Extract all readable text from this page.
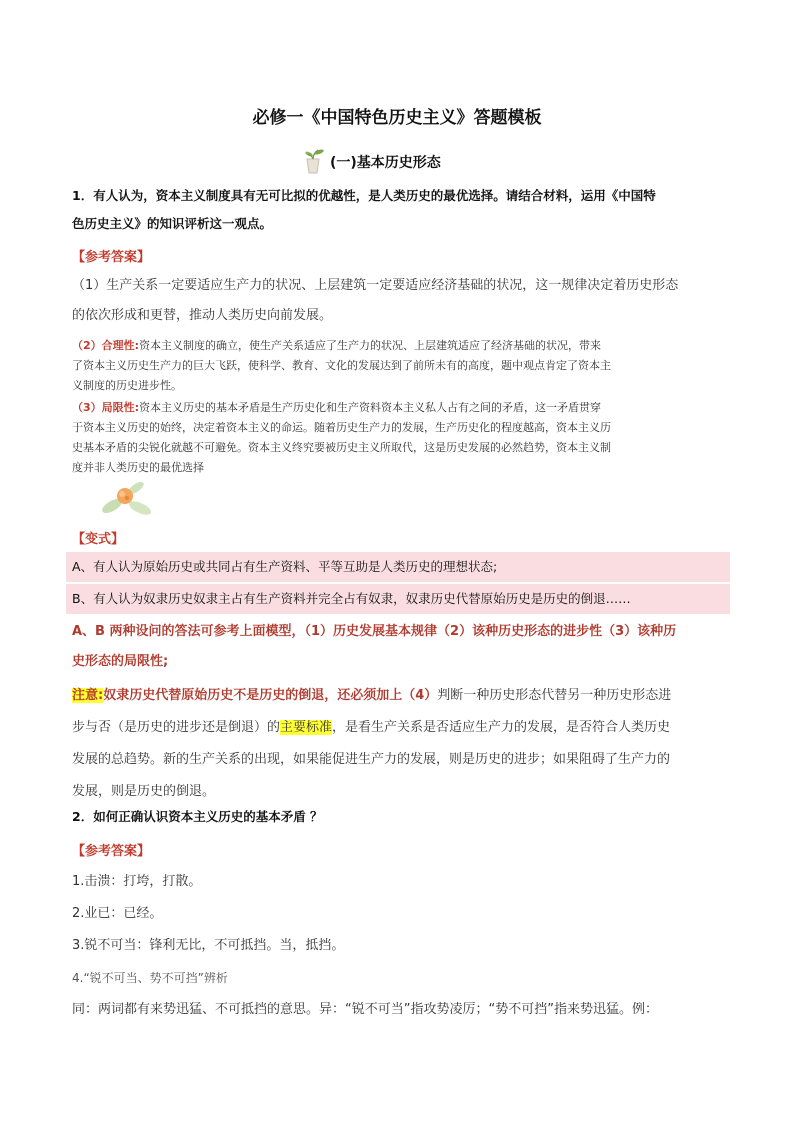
必修一《中国特色历史主义》答题模板
(一)基本历史形态
1．有人认为，资本主义制度具有无可比拟的优越性，是人类历史的最优选择。请结合材料，运用《中国特
色历史主义》的知识评析这一观点。
【参考答案】
（1）生产关系一定要适应生产力的状况、上层建筑一定要适应经济基础的状况，这一规律决定着历史形态
的依次形成和更替，推动人类历史向前发展。
（2）合理性:资本主义制度的确立，使生产关系适应了生产力的状况、上层建筑适应了经济基础的状况，带来
了资本主义历史生产力的巨大飞跃，使科学、教育、文化的发展达到了前所未有的高度，题中观点肯定了资本主
义制度的历史进步性。
（3）局限性:资本主义历史的基本矛盾是生产历史化和生产资料资本主义私人占有之间的矛盾，这一矛盾贯穿
于资本主义历史的始终，决定着资本主义的命运。随着历史生产力的发展，生产历史化的程度越高，资本主义历
史基本矛盾的尖锐化就越不可避免。资本主义终究要被历史主义所取代，这是历史发展的必然趋势，资本主义制
度并非人类历史的最优选择
【变式】
A、有人认为原始历史或共同占有生产资料、平等互助是人类历史的理想状态;
B、有人认为奴隶历史奴隶主占有生产资料并完全占有奴隶，奴隶历史代替原始历史是历史的倒退……
A、B 两种设问的答法可参考上面模型，（1）历史发展基本规律（2）该种历史形态的进步性（3）该种历
史形态的局限性;
注意:奴隶历史代替原始历史不是历史的倒退，还必须加上（4）判断一种历史形态代替另一种历史形态进
步与否（是历史的进步还是倒退）的主要标准，是看生产关系是否适应生产力的发展，是否符合人类历史
发展的总趋势。新的生产关系的出现，如果能促进生产力的发展，则是历史的进步；如果阻碍了生产力的
发展，则是历史的倒退。
2．如何正确认识资本主义历史的基本矛盾 ？
【参考答案】
1.击溃：打垮，打散。
2.业已：已经。
3.锐不可当：锋利无比，不可抵挡。当，抵挡。
4.“锐不可当、势不可挡”辨析
同：两词都有来势迅猛、不可抵挡的意思。异：“锐不可当”指攻势凌厉；“势不可挡”指来势迅猛。例：
